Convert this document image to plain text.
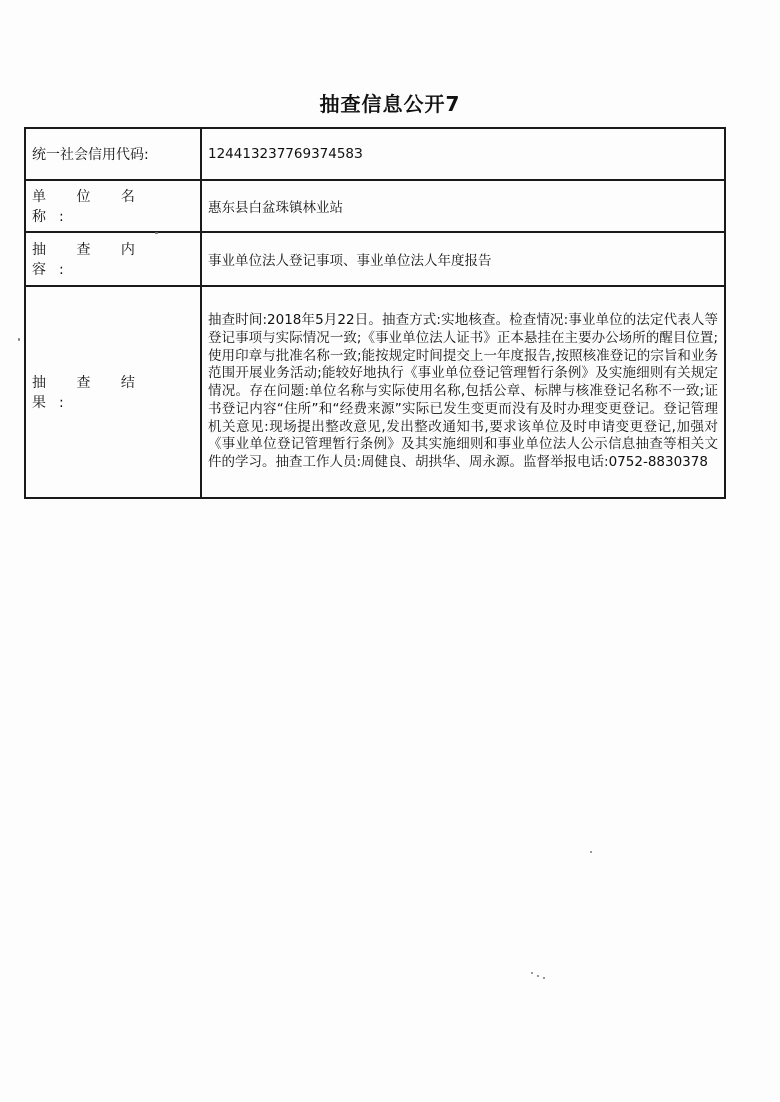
抽查信息公开7
统一社会信用代码:	12441323776937458З
单 位 名 称:	惠东县白盆珠镇林业站
抽 查 内 容:	事业单位法人登记事项、事业单位法人年度报告
抽 查 结 果:	抽查时间:2018年5月22日。抽查方式:实地核查。检查情况:事业单位的法定代表人等登记事项与实际情况一致;《事业单位法人证书》正本悬挂在主要办公场所的醒目位置;使用印章与批准名称一致;能按规定时间提交上一年度报告,按照核准登记的宗旨和业务范围开展业务活动;能较好地执行《事业单位登记管理暂行条例》及实施细则有关规定情况。存在问题:单位名称与实际使用名称,包括公章、标牌与核准登记名称不一致;证书登记内容“住所”和“经费来源”实际已发生变更而没有及时办理变更登记。登记管理机关意见:现场提出整改意见,发出整改通知书,要求该单位及时申请变更登记,加强对《事业单位登记管理暂行条例》及其实施细则和事业单位法人公示信息抽查等相关文件的学习。抽查工作人员:周健良、胡拱华、周永源。监督举报电话:0752-8830378
